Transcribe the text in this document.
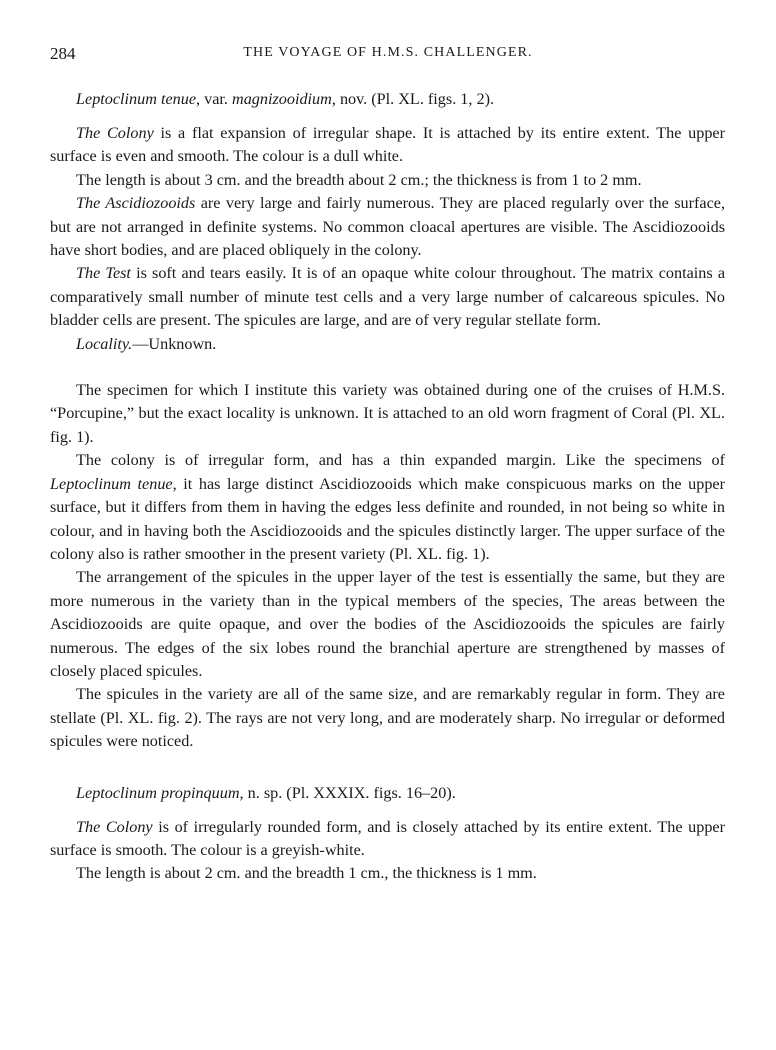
284	THE VOYAGE OF H.M.S. CHALLENGER.

Leptoclinum tenue, var. magnizooidium, nov. (Pl. XL. figs. 1, 2).

The Colony is a flat expansion of irregular shape. It is attached by its entire extent. The upper surface is even and smooth. The colour is a dull white.

The length is about 3 cm. and the breadth about 2 cm.; the thickness is from 1 to 2 mm.

The Ascidiozooids are very large and fairly numerous. They are placed regularly over the surface, but are not arranged in definite systems. No common cloacal apertures are visible. The Ascidiozooids have short bodies, and are placed obliquely in the colony.

The Test is soft and tears easily. It is of an opaque white colour throughout. The matrix contains a comparatively small number of minute test cells and a very large number of calcareous spicules. No bladder cells are present. The spicules are large, and are of very regular stellate form.

Locality.—Unknown.

The specimen for which I institute this variety was obtained during one of the cruises of H.M.S. “Porcupine,” but the exact locality is unknown. It is attached to an old worn fragment of Coral (Pl. XL. fig. 1).

The colony is of irregular form, and has a thin expanded margin. Like the specimens of Leptoclinum tenue, it has large distinct Ascidiozooids which make conspicuous marks on the upper surface, but it differs from them in having the edges less definite and rounded, in not being so white in colour, and in having both the Ascidiozooids and the spicules distinctly larger. The upper surface of the colony also is rather smoother in the present variety (Pl. XL. fig. 1).

The arrangement of the spicules in the upper layer of the test is essentially the same, but they are more numerous in the variety than in the typical members of the species, The areas between the Ascidiozooids are quite opaque, and over the bodies of the Ascidiozooids the spicules are fairly numerous. The edges of the six lobes round the branchial aperture are strengthened by masses of closely placed spicules.

The spicules in the variety are all of the same size, and are remarkably regular in form. They are stellate (Pl. XL. fig. 2). The rays are not very long, and are moderately sharp. No irregular or deformed spicules were noticed.

Leptoclinum propinquum, n. sp. (Pl. XXXIX. figs. 16–20).

The Colony is of irregularly rounded form, and is closely attached by its entire extent. The upper surface is smooth. The colour is a greyish-white.

The length is about 2 cm. and the breadth 1 cm., the thickness is 1 mm.
